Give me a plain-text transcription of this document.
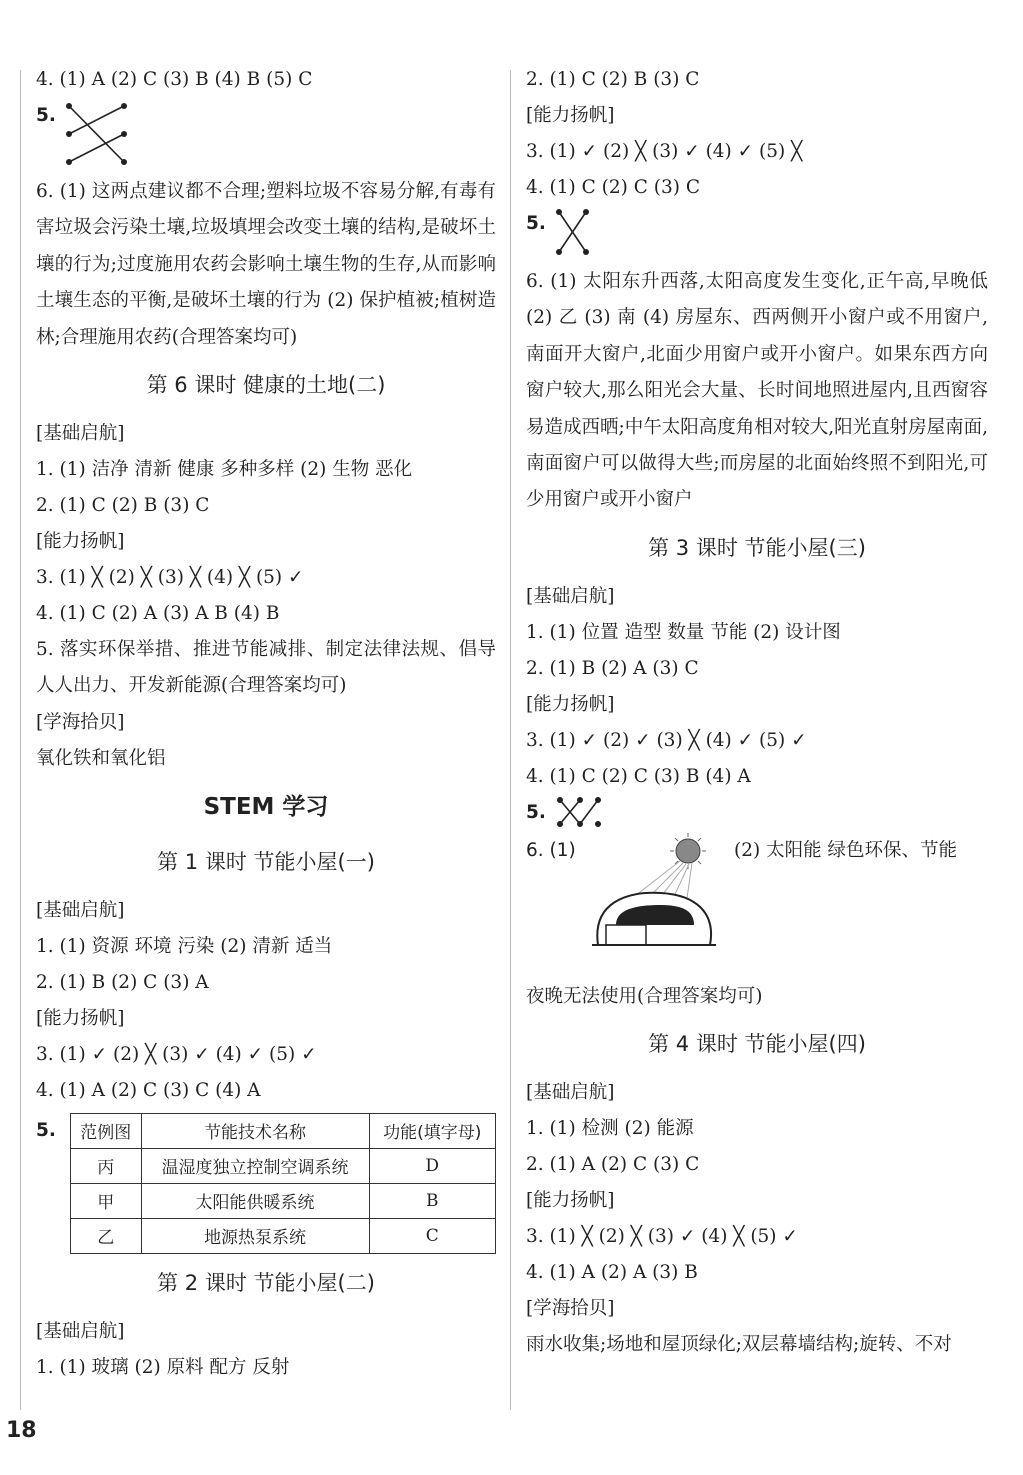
4. (1) A (2) C (3) B (4) B (5) C
5.
6. (1) 这两点建议都不合理;塑料垃圾不容易分解,有毒有害垃圾会污染土壤,垃圾填埋会改变土壤的结构,是破坏土壤的行为;过度施用农药会影响土壤生物的生存,从而影响土壤生态的平衡,是破坏土壤的行为 (2) 保护植被;植树造林;合理施用农药(合理答案均可)
第 6 课时 健康的土地(二)
[基础启航]
1. (1) 洁净 清新 健康 多种多样 (2) 生物 恶化
2. (1) C (2) B (3) C
[能力扬帆]
3. (1) ╳ (2) ╳ (3) ╳ (4) ╳ (5) ✓
4. (1) C (2) A (3) A B (4) B
5. 落实环保举措、推进节能减排、制定法律法规、倡导人人出力、开发新能源(合理答案均可)
[学海拾贝]
氧化铁和氧化铝
STEM 学习
第 1 课时 节能小屋(一)
[基础启航]
1. (1) 资源 环境 污染 (2) 清新 适当
2. (1) B (2) C (3) A
[能力扬帆]
3. (1) ✓ (2) ╳ (3) ✓ (4) ✓ (5) ✓
4. (1) A (2) C (3) C (4) A
5. 范例图	节能技术名称	功能(填字母)
丙	温湿度独立控制空调系统	D
甲	太阳能供暖系统	B
乙	地源热泵系统	C
第 2 课时 节能小屋(二)
[基础启航]
1. (1) 玻璃 (2) 原料 配方 反射
2. (1) C (2) B (3) C
[能力扬帆]
3. (1) ✓ (2) ╳ (3) ✓ (4) ✓ (5) ╳
4. (1) C (2) C (3) C
5.
6. (1) 太阳东升西落,太阳高度发生变化,正午高,早晚低 (2) 乙 (3) 南 (4) 房屋东、西两侧开小窗户或不用窗户,南面开大窗户,北面少用窗户或开小窗户。如果东西方向窗户较大,那么阳光会大量、长时间地照进屋内,且西窗容易造成西晒;中午太阳高度角相对较大,阳光直射房屋南面,南面窗户可以做得大些;而房屋的北面始终照不到阳光,可少用窗户或开小窗户
第 3 课时 节能小屋(三)
[基础启航]
1. (1) 位置 造型 数量 节能 (2) 设计图
2. (1) B (2) A (3) C
[能力扬帆]
3. (1) ✓ (2) ✓ (3) ╳ (4) ✓ (5) ✓
4. (1) C (2) C (3) B (4) A
5.
6. (1)	(2) 太阳能 绿色环保、节能
夜晚无法使用(合理答案均可)
第 4 课时 节能小屋(四)
[基础启航]
1. (1) 检测 (2) 能源
2. (1) A (2) C (3) C
[能力扬帆]
3. (1) ╳ (2) ╳ (3) ✓ (4) ╳ (5) ✓
4. (1) A (2) A (3) B
[学海拾贝]
雨水收集;场地和屋顶绿化;双层幕墙结构;旋转、不对
18
